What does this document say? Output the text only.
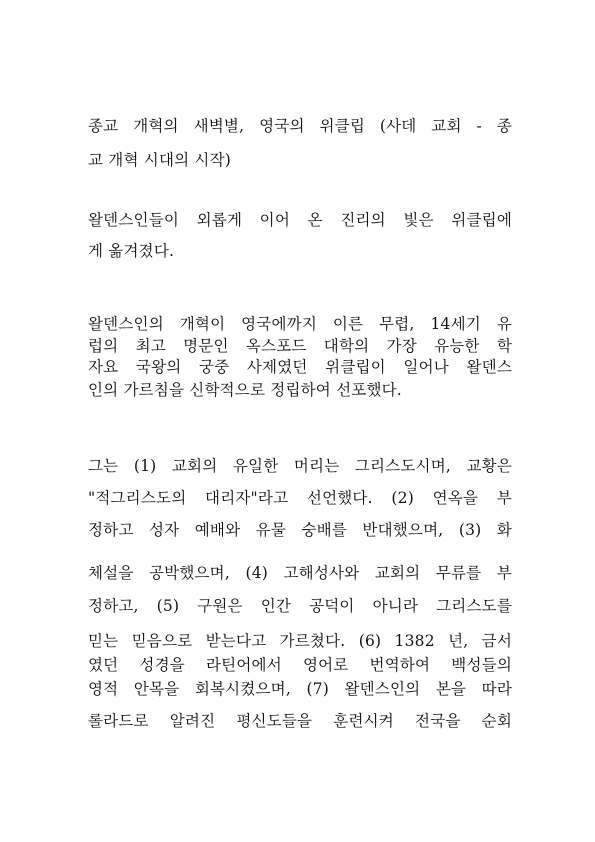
종교 개혁의 새벽별, 영국의 위클립 (사데 교회 - 종

교 개혁 시대의 시작)

왈덴스인들이 외롭게 이어 온 진리의 빛은 위클립에

게 옮겨졌다.

왈덴스인의 개혁이 영국에까지 이른 무렵, 14세기 유

럽의 최고 명문인 옥스포드 대학의 가장 유능한 학

자요 국왕의 궁중 사제였던 위클립이 일어나 왈덴스

인의 가르침을 신학적으로 정립하여 선포했다.

그는 (1) 교회의 유일한 머리는 그리스도시며, 교황은

"적그리스도의 대리자"라고 선언했다. (2) 연옥을 부

정하고 성자 예배와 유물 숭배를 반대했으며, (3) 화

체설을 공박했으며, (4) 고해성사와 교회의 무류를 부

정하고, (5) 구원은 인간 공덕이 아니라 그리스도를

믿는 믿음으로 받는다고 가르쳤다. (6) 1382 년, 금서

였던 성경을 라틴어에서 영어로 번역하여 백성들의

영적 안목을 회복시켰으며, (7) 왈덴스인의 본을 따라

롤라드로 알려진 평신도들을 훈련시켜 전국을 순회
